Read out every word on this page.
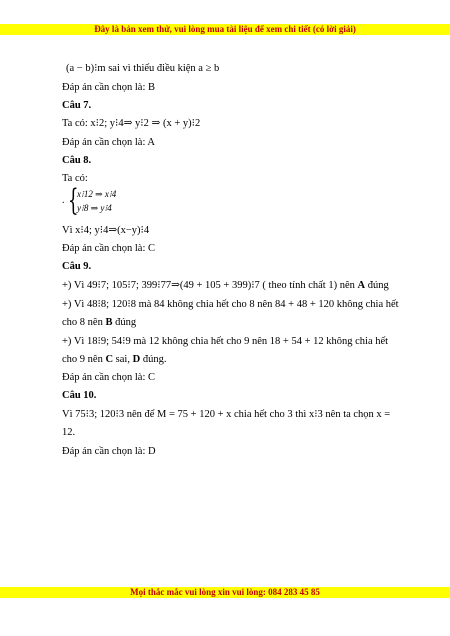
Đây là bản xem thử, vui lòng mua tài liệu để xem chi tiết (có lời giải)
(a − b)⁝m sai vì thiếu điều kiện a ≥ b
Đáp án cần chọn là: B
Câu 7.
Ta có: x⁝2; y⁝4⇒ y⁝2 ⇒ (x + y)⁝2
Đáp án cần chọn là: A
Câu 8.
Ta có:
. {
x⁝12 ⇒ x⁝4
y⁝8 ⇒ y⁝4
Vì x⁝4; y⁝4⇒(x−y)⁝4
Đáp án cần chọn là: C
Câu 9.
+) Vì 49⁝7; 105⁝7; 399⁝77⇒(49 + 105 + 399)⁝7 ( theo tính chất 1) nên A đúng
+) Vì 48⁝8; 120⁝8 mà 84 không chia hết cho 8 nên 84 + 48 + 120 không chia hết
cho 8 nên B đúng
+) Vì 18⁝9; 54⁝9 mà 12 không chia hết cho 9 nên 18 + 54 + 12 không chia hết
cho 9 nên C sai, D đúng.
Đáp án cần chọn là: C
Câu 10.
Vì 75⁝3; 120⁝3 nên để M = 75 + 120 + x chia hết cho 3 thì x⁝3 nên ta chọn x =
12.
Đáp án cần chọn là: D
Mọi thắc mắc vui lòng xin vui lòng: 084 283 45 85
